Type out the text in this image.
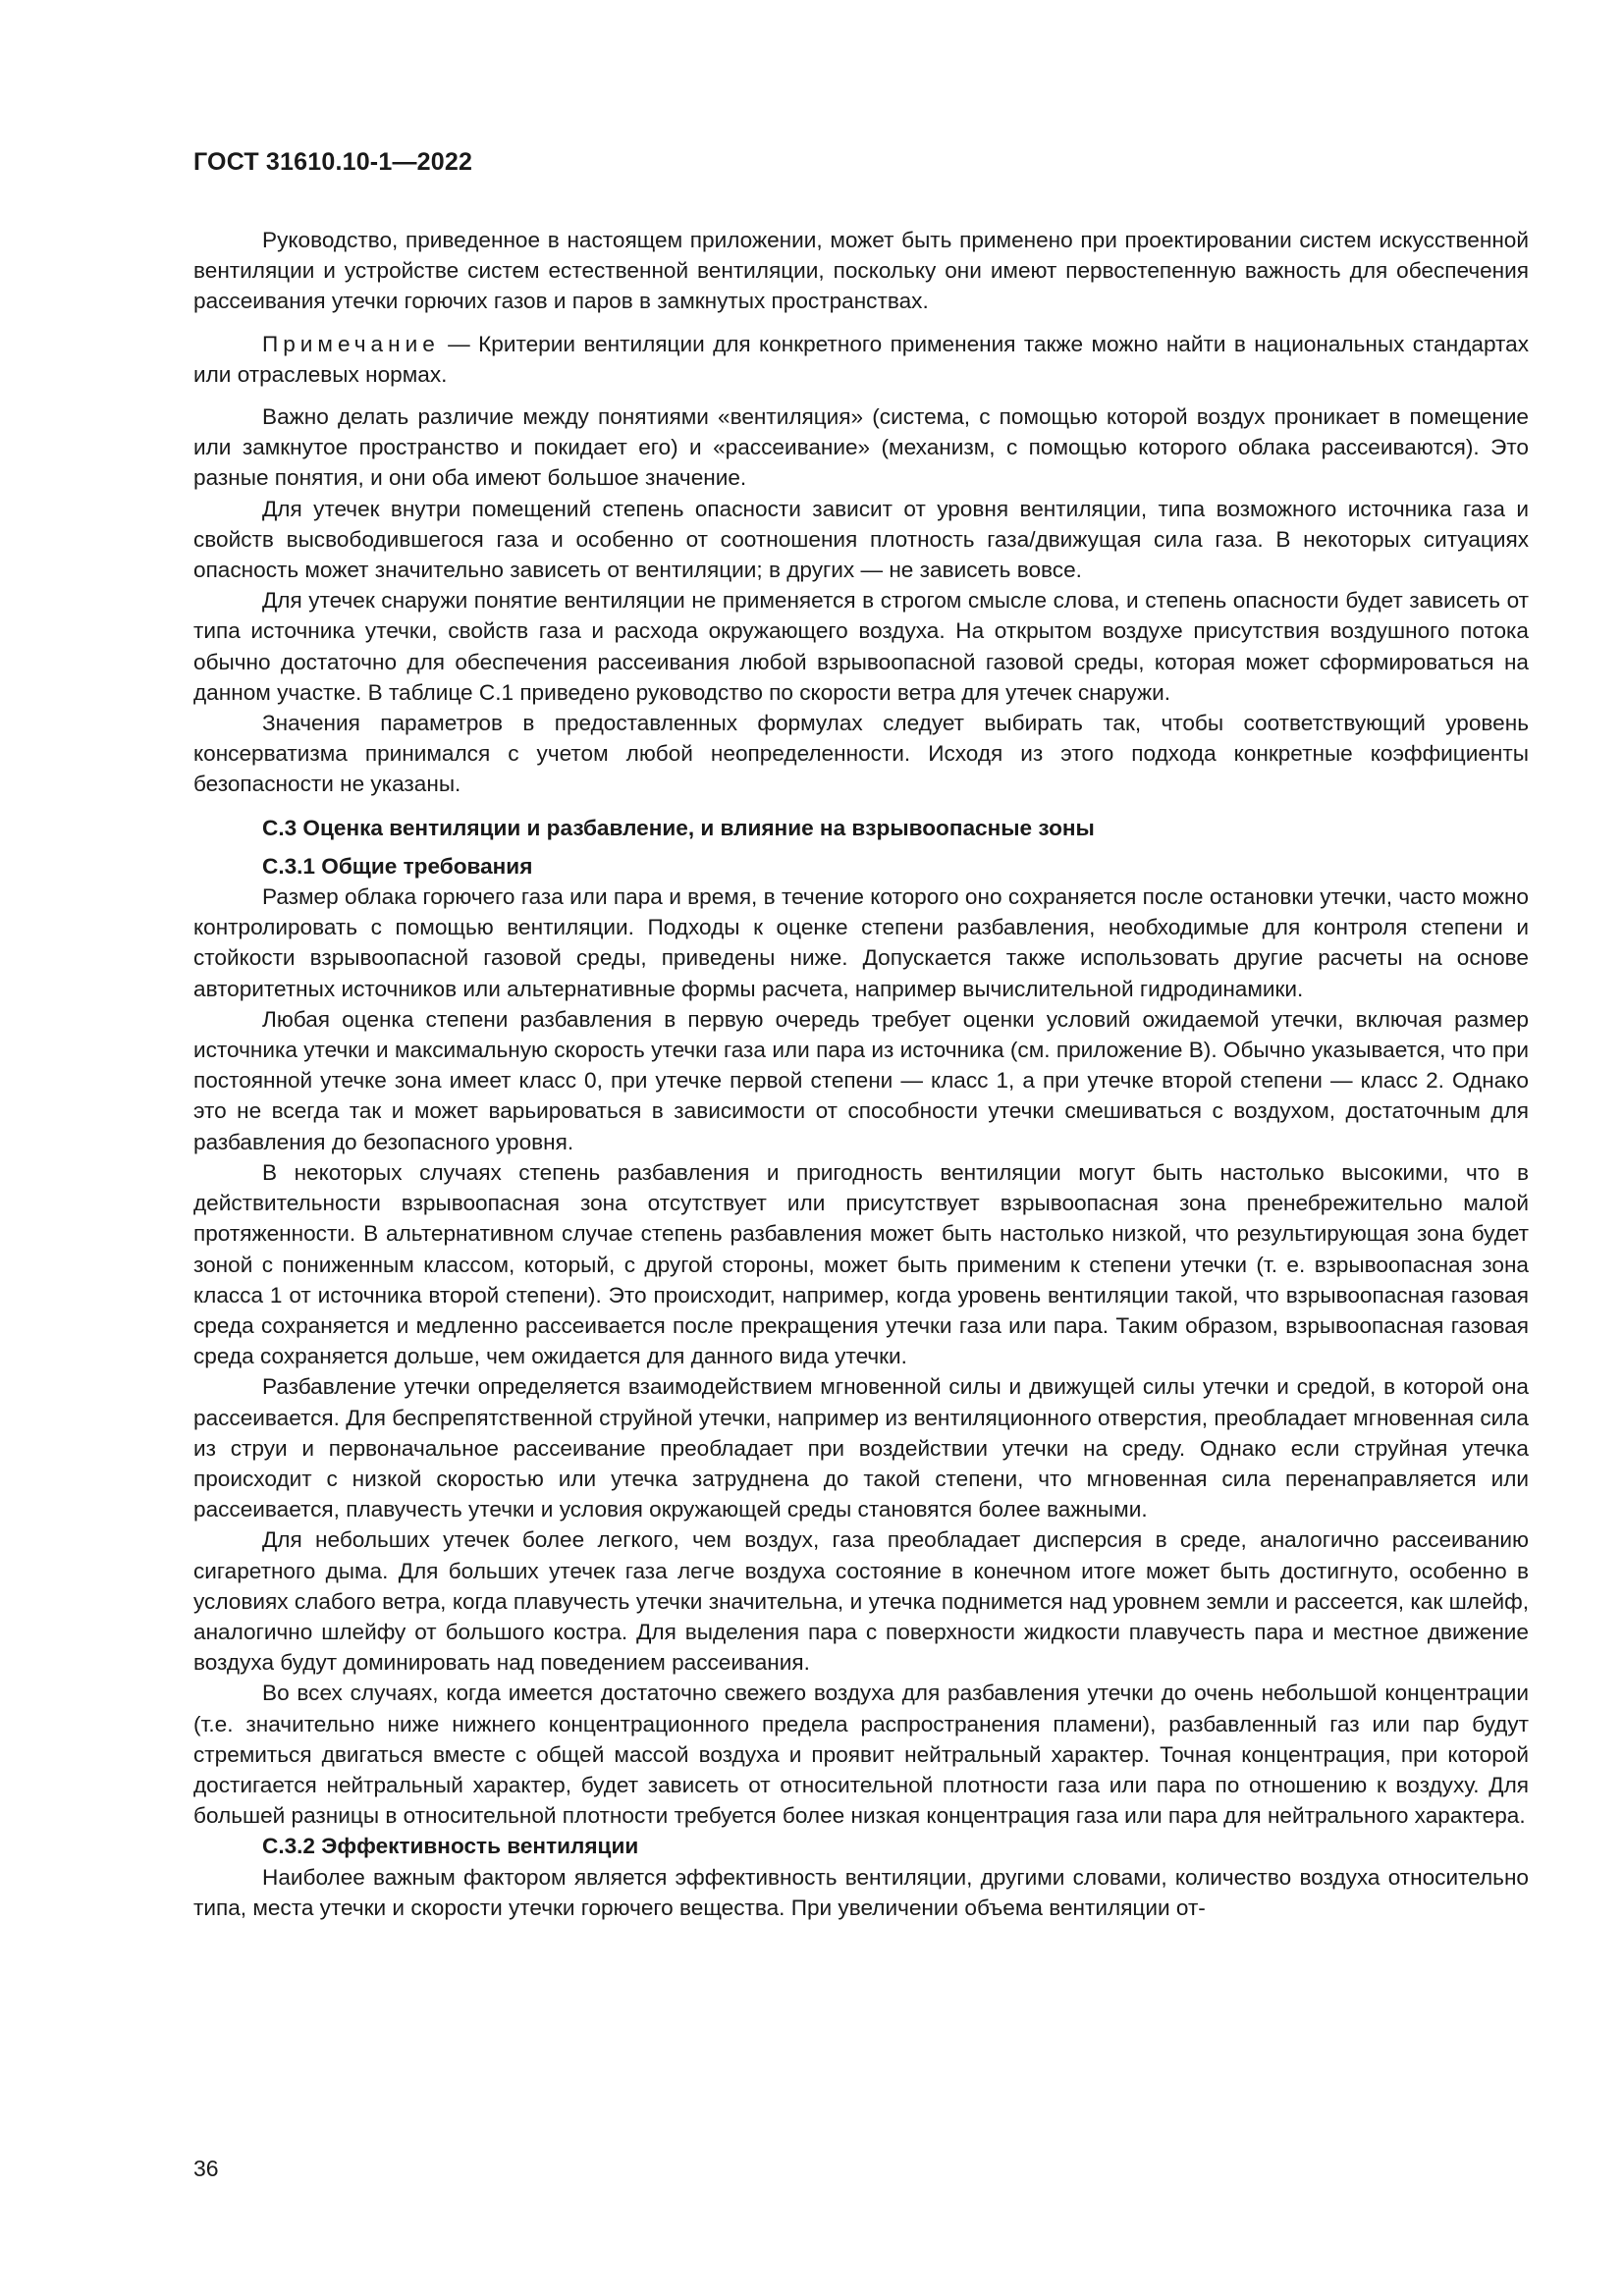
ГОСТ 31610.10-1—2022

Руководство, приведенное в настоящем приложении, может быть применено при проектировании систем искусственной вентиляции и устройстве систем естественной вентиляции, поскольку они имеют первостепенную важность для обеспечения рассеивания утечки горючих газов и паров в замкнутых пространствах.

Примечание — Критерии вентиляции для конкретного применения также можно найти в национальных стандартах или отраслевых нормах.

Важно делать различие между понятиями «вентиляция» (система, с помощью которой воздух проникает в помещение или замкнутое пространство и покидает его) и «рассеивание» (механизм, с помощью которого облака рассеиваются). Это разные понятия, и они оба имеют большое значение.

Для утечек внутри помещений степень опасности зависит от уровня вентиляции, типа возможного источника газа и свойств высвободившегося газа и особенно от соотношения плотность газа/движущая сила газа. В некоторых ситуациях опасность может значительно зависеть от вентиляции; в других — не зависеть вовсе.

Для утечек снаружи понятие вентиляции не применяется в строгом смысле слова, и степень опасности будет зависеть от типа источника утечки, свойств газа и расхода окружающего воздуха. На открытом воздухе присутствия воздушного потока обычно достаточно для обеспечения рассеивания любой взрывоопасной газовой среды, которая может сформироваться на данном участке. В таблице С.1 приведено руководство по скорости ветра для утечек снаружи.

Значения параметров в предоставленных формулах следует выбирать так, чтобы соответствующий уровень консерватизма принимался с учетом любой неопределенности. Исходя из этого подхода конкретные коэффициенты безопасности не указаны.

С.3 Оценка вентиляции и разбавление, и влияние на взрывоопасные зоны
С.3.1 Общие требования

Размер облака горючего газа или пара и время, в течение которого оно сохраняется после остановки утечки, часто можно контролировать с помощью вентиляции. Подходы к оценке степени разбавления, необходимые для контроля степени и стойкости взрывоопасной газовой среды, приведены ниже. Допускается также использовать другие расчеты на основе авторитетных источников или альтернативные формы расчета, например вычислительной гидродинамики.

Любая оценка степени разбавления в первую очередь требует оценки условий ожидаемой утечки, включая размер источника утечки и максимальную скорость утечки газа или пара из источника (см. приложение В). Обычно указывается, что при постоянной утечке зона имеет класс 0, при утечке первой степени — класс 1, а при утечке второй степени — класс 2. Однако это не всегда так и может варьироваться в зависимости от способности утечки смешиваться с воздухом, достаточным для разбавления до безопасного уровня.

В некоторых случаях степень разбавления и пригодность вентиляции могут быть настолько высокими, что в действительности взрывоопасная зона отсутствует или присутствует взрывоопасная зона пренебрежительно малой протяженности. В альтернативном случае степень разбавления может быть настолько низкой, что результирующая зона будет зоной с пониженным классом, который, с другой стороны, может быть применим к степени утечки (т. е. взрывоопасная зона класса 1 от источника второй степени). Это происходит, например, когда уровень вентиляции такой, что взрывоопасная газовая среда сохраняется и медленно рассеивается после прекращения утечки газа или пара. Таким образом, взрывоопасная газовая среда сохраняется дольше, чем ожидается для данного вида утечки.

Разбавление утечки определяется взаимодействием мгновенной силы и движущей силы утечки и средой, в которой она рассеивается. Для беспрепятственной струйной утечки, например из вентиляционного отверстия, преобладает мгновенная сила из струи и первоначальное рассеивание преобладает при воздействии утечки на среду. Однако если струйная утечка происходит с низкой скоростью или утечка затруднена до такой степени, что мгновенная сила перенаправляется или рассеивается, плавучесть утечки и условия окружающей среды становятся более важными.

Для небольших утечек более легкого, чем воздух, газа преобладает дисперсия в среде, аналогично рассеиванию сигаретного дыма. Для больших утечек газа легче воздуха состояние в конечном итоге может быть достигнуто, особенно в условиях слабого ветра, когда плавучесть утечки значительна, и утечка поднимется над уровнем земли и рассеется, как шлейф, аналогично шлейфу от большого костра. Для выделения пара с поверхности жидкости плавучесть пара и местное движение воздуха будут доминировать над поведением рассеивания.

Во всех случаях, когда имеется достаточно свежего воздуха для разбавления утечки до очень небольшой концентрации (т.е. значительно ниже нижнего концентрационного предела распространения пламени), разбавленный газ или пар будут стремиться двигаться вместе с общей массой воздуха и проявит нейтральный характер. Точная концентрация, при которой достигается нейтральный характер, будет зависеть от относительной плотности газа или пара по отношению к воздуху. Для большей разницы в относительной плотности требуется более низкая концентрация газа или пара для нейтрального характера.

С.3.2 Эффективность вентиляции

Наиболее важным фактором является эффективность вентиляции, другими словами, количество воздуха относительно типа, места утечки и скорости утечки горючего вещества. При увеличении объема вентиляции от-

36
